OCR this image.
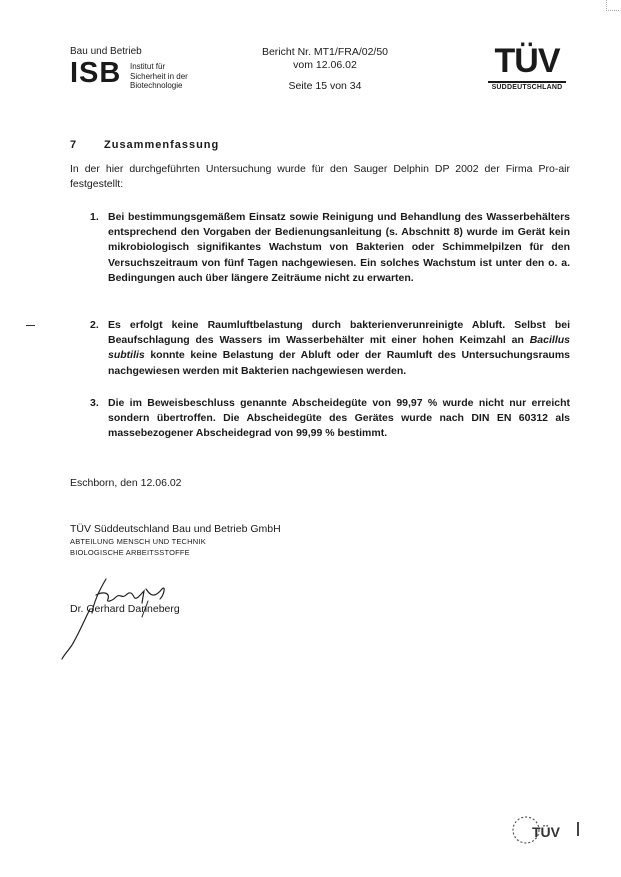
Bau und Betrieb
ISB Institut für
Sicherheit in der
Biotechnologie
Bericht Nr. MT1/FRA/02/50
vom 12.06.02
Seite 15 von 34
TÜV
SÜDDEUTSCHLAND
7 Zusammenfassung
In der hier durchgeführten Untersuchung wurde für den Sauger Delphin DP 2002 der Firma Pro-air festgestellt:
1. Bei bestimmungsgemäßem Einsatz sowie Reinigung und Behandlung des Wasserbehälters entsprechend den Vorgaben der Bedienungsanleitung (s. Abschnitt 8) wurde im Gerät kein mikrobiologisch signifikantes Wachstum von Bakterien oder Schimmelpilzen für den Versuchszeitraum von fünf Tagen nachgewiesen. Ein solches Wachstum ist unter den o. a. Bedingungen auch über längere Zeiträume nicht zu erwarten.
2. Es erfolgt keine Raumluftbelastung durch bakterienverunreinigte Abluft. Selbst bei Beaufschlagung des Wassers im Wasserbehälter mit einer hohen Keimzahl an Bacillus subtilis konnte keine Belastung der Abluft oder der Raumluft des Untersuchungsraums nachgewiesen werden mit Bakterien nachgewiesen werden.
3. Die im Beweisbeschluss genannte Abscheidegüte von 99,97 % wurde nicht nur erreicht sondern übertroffen. Die Abscheidegüte des Gerätes wurde nach DIN EN 60312 als massebezogener Abscheidegrad von 99,99 % bestimmt.
Eschborn, den 12.06.02
TÜV Süddeutschland Bau und Betrieb GmbH
ABTEILUNG MENSCH UND TECHNIK
BIOLOGISCHE ARBEITSSTOFFE
Dr. Gerhard Danneberg
TÜV
